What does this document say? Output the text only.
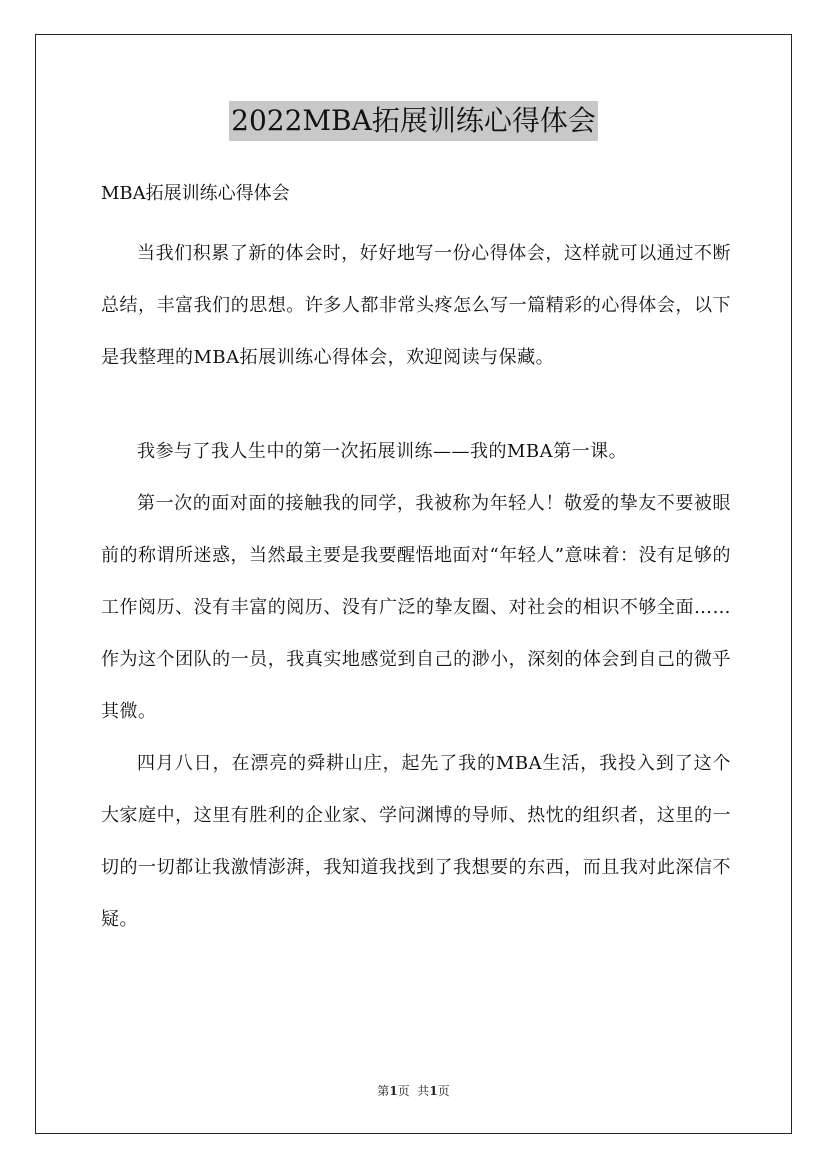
2022MBA拓展训练心得体会

MBA拓展训练心得体会

当我们积累了新的体会时，好好地写一份心得体会，这样就可以通过不断总结，丰富我们的思想。许多人都非常头疼怎么写一篇精彩的心得体会，以下是我整理的MBA拓展训练心得体会，欢迎阅读与保藏。

我参与了我人生中的第一次拓展训练——我的MBA第一课。

第一次的面对面的接触我的同学，我被称为年轻人！敬爱的挚友不要被眼前的称谓所迷惑，当然最主要是我要醒悟地面对“年轻人”意味着：没有足够的工作阅历、没有丰富的阅历、没有广泛的挚友圈、对社会的相识不够全面……作为这个团队的一员，我真实地感觉到自己的渺小，深刻的体会到自己的微乎其微。

四月八日，在漂亮的舜耕山庄，起先了我的MBA生活，我投入到了这个大家庭中，这里有胜利的企业家、学问渊博的导师、热忱的组织者，这里的一切的一切都让我激情澎湃，我知道我找到了我想要的东西，而且我对此深信不疑。

第1页  共1页
